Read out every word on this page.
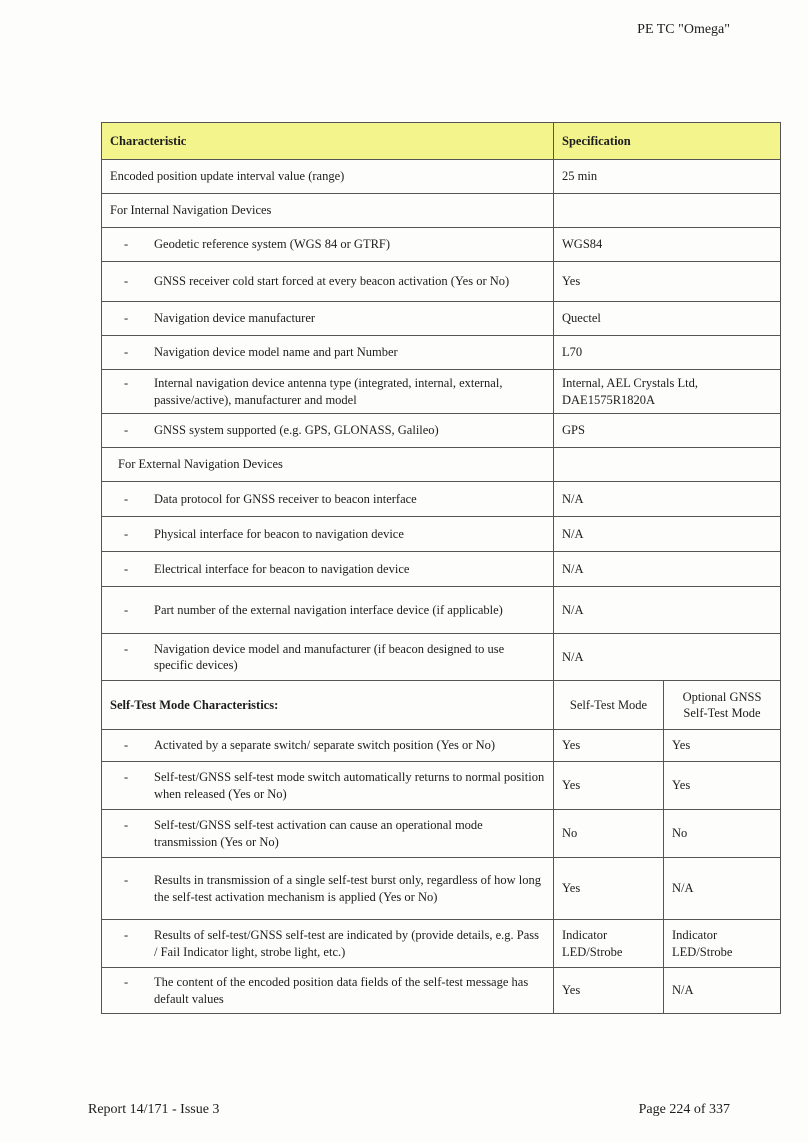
PE TC "Omega"
Characteristic	Specification	
Encoded position update interval value (range)	25 min	
For Internal Navigation Devices		

- Geodetic reference system (WGS 84 or GTRF)	WGS84	

- GNSS receiver cold start forced at every beacon activation (Yes or No)	Yes	

- Navigation device manufacturer	Quectel	

- Navigation device model name and part Number	L70	

- Internal navigation device antenna type (integrated, internal, external, passive/active), manufacturer and model	Internal, AEL Crystals Ltd, DAE1575R1820A	

- GNSS system supported (e.g. GPS, GLONASS, Galileo)	GPS	
For External Navigation Devices		

- Data protocol for GNSS receiver to beacon interface	N/A	

- Physical interface for beacon to navigation device	N/A	

- Electrical interface for beacon to navigation device	N/A	

- Part number of the external navigation interface device (if applicable)	N/A	

- Navigation device model and manufacturer (if beacon designed to use specific devices)	N/A	
Self-Test Mode Characteristics:	Self-Test Mode	Optional GNSS Self-Test Mode

- Activated by a separate switch/ separate switch position (Yes or No)	Yes	Yes

- Self-test/GNSS self-test mode switch automatically returns to normal position when released (Yes or No)	Yes	Yes

- Self-test/GNSS self-test activation can cause an operational mode transmission (Yes or No)	No	No

- Results in transmission of a single self-test burst only, regardless of how long the self-test activation mechanism is applied (Yes or No)	Yes	N/A

- Results of self-test/GNSS self-test are indicated by (provide details, e.g. Pass / Fail Indicator light, strobe light, etc.)	Indicator LED/Strobe	Indicator LED/Strobe

- The content of the encoded position data fields of the self-test message has default values	Yes	N/A
Report 14/171 - Issue 3	Page 224 of 337
